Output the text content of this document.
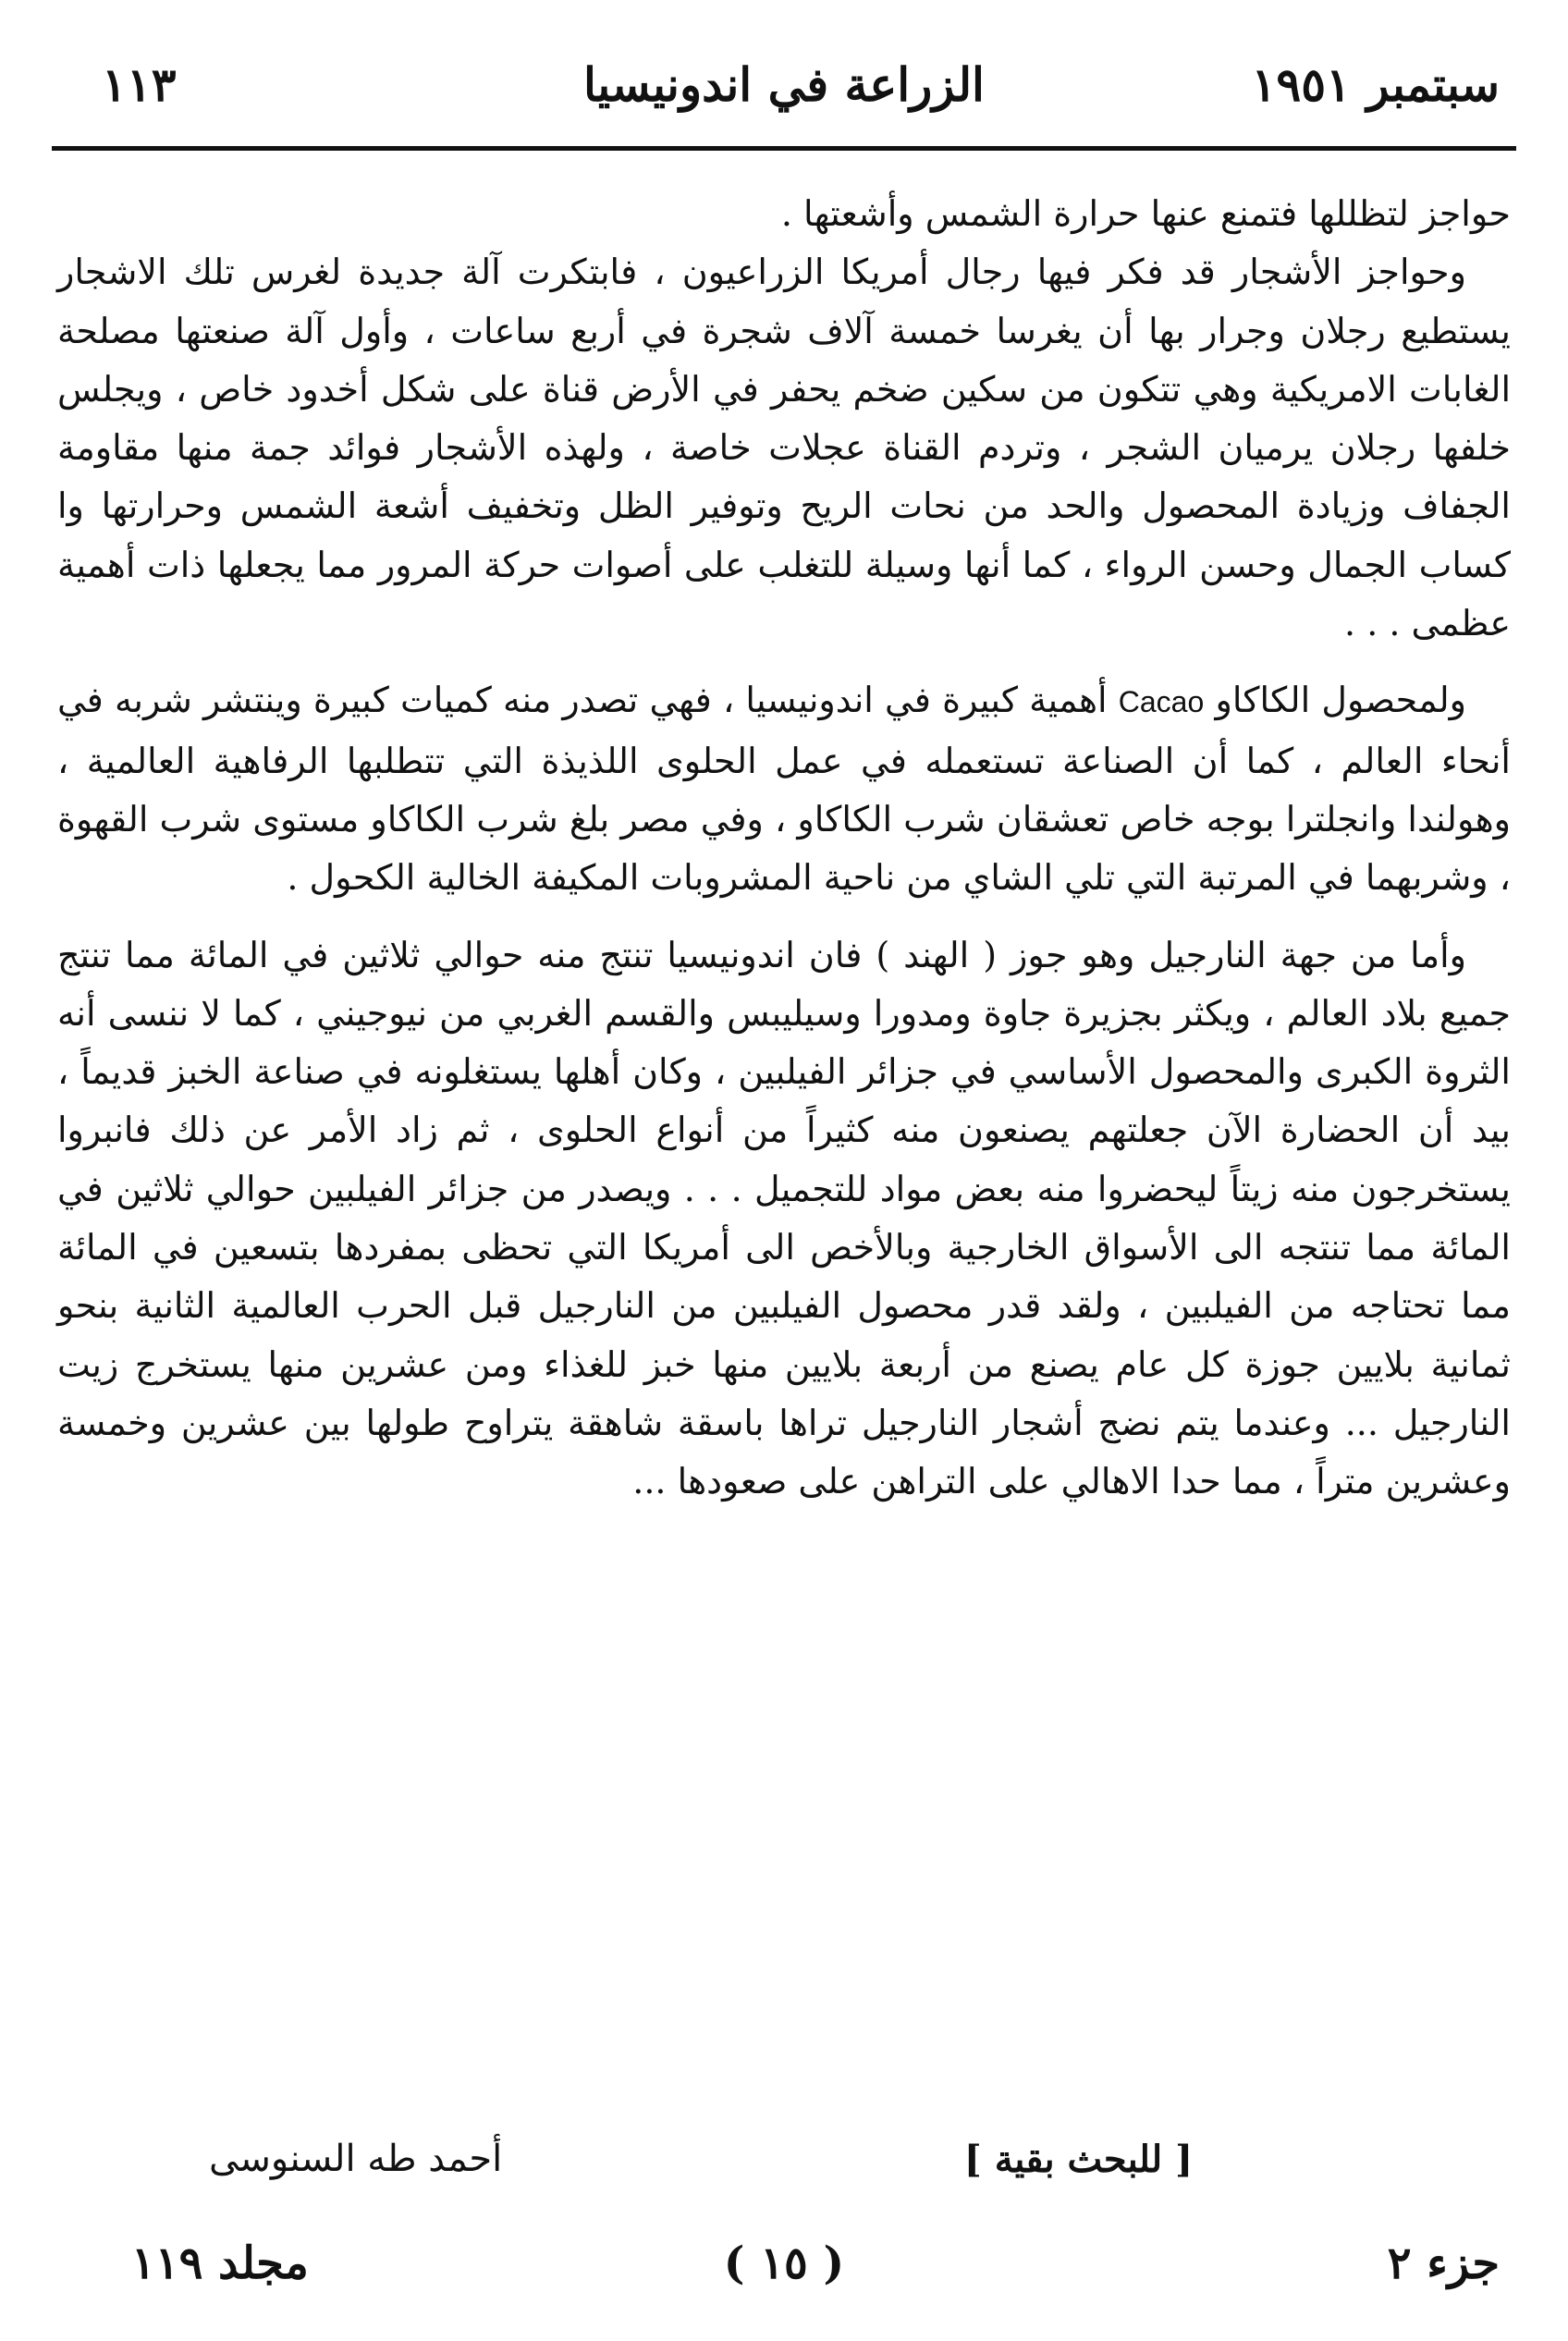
سبتمبر ١٩٥١
الزراعة في اندونيسيا
١١٣

حواجز لتظللها فتمنع عنها حرارة الشمس وأشعتها .

وحواجز الأشجار قد فكر فيها رجال أمريكا الزراعيون ، فابتكرت آلة جديدة لغرس تلك الاشجار يستطيع رجلان وجرار بها أن يغرسا خمسة آلاف شجرة في أربع ساعات ، وأول آلة صنعتها مصلحة الغابات الامريكية وهي تتكون من سكين ضخم يحفر في الأرض قناة على شكل أخدود خاص ، ويجلس خلفها رجلان يرميان الشجر ، وتردم القناة عجلات خاصة ، ولهذه الأشجار فوائد جمة منها مقاومة الجفاف وزيادة المحصول والحد من نحات الريح وتوفير الظل وتخفيف أشعة الشمس وحرارتها وا كساب الجمال وحسن الرواء ، كما أنها وسيلة للتغلب على أصوات حركة المرور مما يجعلها ذات أهمية عظمى . . .

ولمحصول الكاكاو Cacao أهمية كبيرة في اندونيسيا ، فهي تصدر منه كميات كبيرة وينتشر شربه في أنحاء العالم ، كما أن الصناعة تستعمله في عمل الحلوى اللذيذة التي تتطلبها الرفاهية العالمية ، وهولندا وانجلترا بوجه خاص تعشقان شرب الكاكاو ، وفي مصر بلغ شرب الكاكاو مستوى شرب القهوة ، وشربهما في المرتبة التي تلي الشاي من ناحية المشروبات المكيفة الخالية الكحول .

وأما من جهة النارجيل وهو جوز ( الهند ) فان اندونيسيا تنتج منه حوالي ثلاثين في المائة مما تنتج جميع بلاد العالم ، ويكثر بجزيرة جاوة ومدورا وسيليبس والقسم الغربي من نيوجيني ، كما لا ننسى أنه الثروة الكبرى والمحصول الأساسي في جزائر الفيلبين ، وكان أهلها يستغلونه في صناعة الخبز قديماً ، بيد أن الحضارة الآن جعلتهم يصنعون منه كثيراً من أنواع الحلوى ، ثم زاد الأمر عن ذلك فانبروا يستخرجون منه زيتاً ليحضروا منه بعض مواد للتجميل . . . ويصدر من جزائر الفيلبين حوالي ثلاثين في المائة مما تنتجه الى الأسواق الخارجية وبالأخص الى أمريكا التي تحظى بمفردها بتسعين في المائة مما تحتاجه من الفيلبين ، ولقد قدر محصول الفيلبين من النارجيل قبل الحرب العالمية الثانية بنحو ثمانية بلايين جوزة كل عام يصنع من أربعة بلايين منها خبز للغذاء ومن عشرين منها يستخرج زيت النارجيل ... وعندما يتم نضج أشجار النارجيل تراها باسقة شاهقة يتراوح طولها بين عشرين وخمسة وعشرين متراً ، مما حدا الاهالي على التراهن على صعودها ...

[ للبحث بقية ]
أحمد طه السنوسى
جزء ٢
( ١٥ )
مجلد ١١٩
